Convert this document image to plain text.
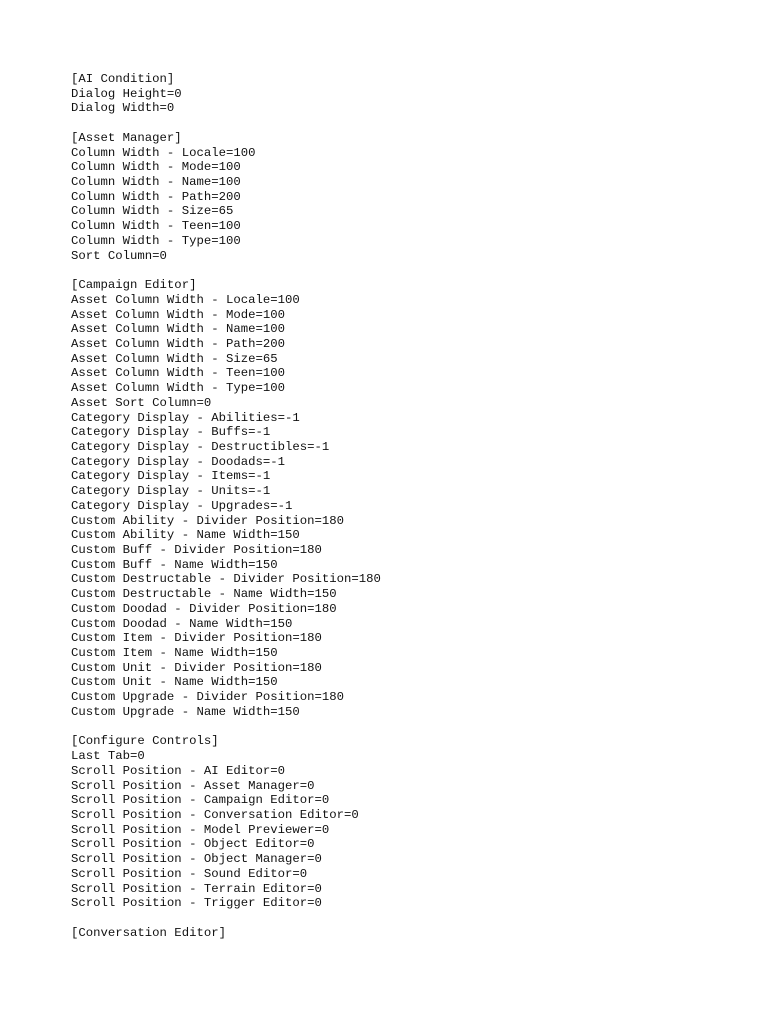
[AI Condition]
Dialog Height=0
Dialog Width=0
[Asset Manager]
Column Width - Locale=100
Column Width - Mode=100
Column Width - Name=100
Column Width - Path=200
Column Width - Size=65
Column Width - Teen=100
Column Width - Type=100
Sort Column=0
[Campaign Editor]
Asset Column Width - Locale=100
Asset Column Width - Mode=100
Asset Column Width - Name=100
Asset Column Width - Path=200
Asset Column Width - Size=65
Asset Column Width - Teen=100
Asset Column Width - Type=100
Asset Sort Column=0
Category Display - Abilities=-1
Category Display - Buffs=-1
Category Display - Destructibles=-1
Category Display - Doodads=-1
Category Display - Items=-1
Category Display - Units=-1
Category Display - Upgrades=-1
Custom Ability - Divider Position=180
Custom Ability - Name Width=150
Custom Buff - Divider Position=180
Custom Buff - Name Width=150
Custom Destructable - Divider Position=180
Custom Destructable - Name Width=150
Custom Doodad - Divider Position=180
Custom Doodad - Name Width=150
Custom Item - Divider Position=180
Custom Item - Name Width=150
Custom Unit - Divider Position=180
Custom Unit - Name Width=150
Custom Upgrade - Divider Position=180
Custom Upgrade - Name Width=150
[Configure Controls]
Last Tab=0
Scroll Position - AI Editor=0
Scroll Position - Asset Manager=0
Scroll Position - Campaign Editor=0
Scroll Position - Conversation Editor=0
Scroll Position - Model Previewer=0
Scroll Position - Object Editor=0
Scroll Position - Object Manager=0
Scroll Position - Sound Editor=0
Scroll Position - Terrain Editor=0
Scroll Position - Trigger Editor=0
[Conversation Editor]
